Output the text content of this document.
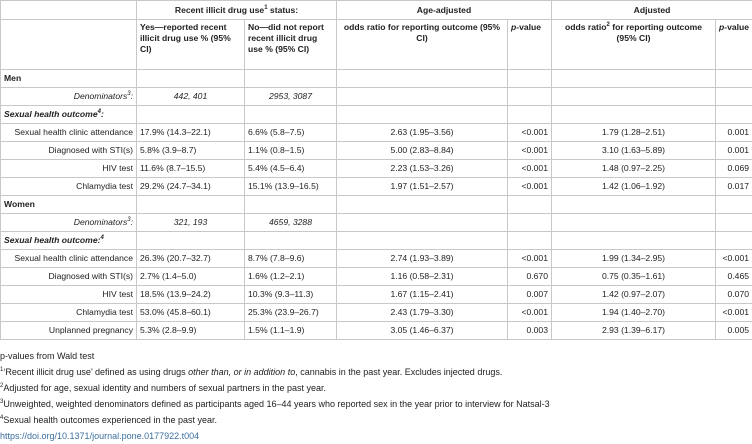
	Recent illicit drug use$^1$ status:		Age-adjusted		Adjusted	
	Yes—reported recent illicit drug use % (95% CI)	No—did not report recent illicit drug use % (95% CI)	odds ratio for reporting outcome (95% CI)	p-value	odds ratio$^2$ for reporting outcome (95% CI)	p-value
Men						
Denominators$^3$:	442, 401	2953, 3087				
Sexual health outcome$^4$:						
Sexual health clinic attendance	17.9% (14.3–22.1)	6.6% (5.8–7.5)	2.63 (1.95–3.56)	<0.001	1.79 (1.28–2.51)	0.001
Diagnosed with STI(s)	5.8% (3.9–8.7)	1.1% (0.8–1.5)	5.00 (2.83–8.84)	<0.001	3.10 (1.63–5.89)	0.001
HIV test	11.6% (8.7–15.5)	5.4% (4.5–6.4)	2.23 (1.53–3.26)	<0.001	1.48 (0.97–2.25)	0.069
Chlamydia test	29.2% (24.7–34.1)	15.1% (13.9–16.5)	1.97 (1.51–2.57)	<0.001	1.42 (1.06–1.92)	0.017
Women						
Denominators$^3$:	321, 193	4659, 3288				
Sexual health outcome:$^4$						
Sexual health clinic attendance	26.3% (20.7–32.7)	8.7% (7.8–9.6)	2.74 (1.93–3.89)	<0.001	1.99 (1.34–2.95)	<0.001
Diagnosed with STI(s)	2.7% (1.4–5.0)	1.6% (1.2–2.1)	1.16 (0.58–2.31)	0.670	0.75 (0.35–1.61)	0.465
HIV test	18.5% (13.9–24.2)	10.3% (9.3–11.3)	1.67 (1.15–2.41)	0.007	1.42 (0.97–2.07)	0.070
Chlamydia test	53.0% (45.8–60.1)	25.3% (23.9–26.7)	2.43 (1.79–3.30)	<0.001	1.94 (1.40–2.70)	<0.001
Unplanned pregnancy	5.3% (2.8–9.9)	1.5% (1.1–1.9)	3.05 (1.46–6.37)	0.003	2.93 (1.39–6.17)	0.005
p-values from Wald test
$^1$‘Recent illicit drug use’ defined as using drugs other than, or in addition to, cannabis in the past year. Excludes injected drugs.
$^2$Adjusted for age, sexual identity and numbers of sexual partners in the past year.
$^3$Unweighted, weighted denominators defined as participants aged 16–44 years who reported sex in the year prior to interview for Natsal-3
$^4$Sexual health outcomes experienced in the past year.
https://doi.org/10.1371/journal.pone.0177922.t004
